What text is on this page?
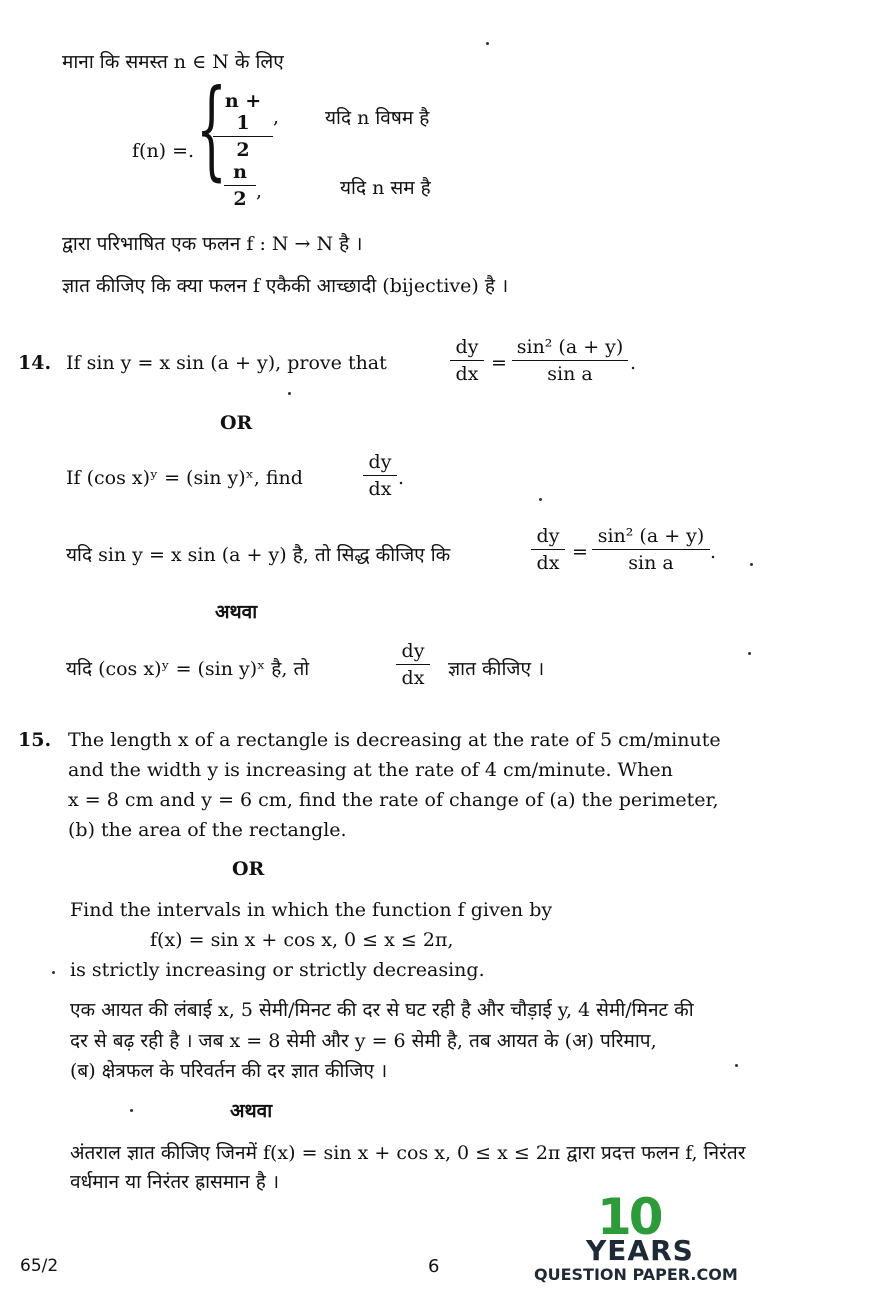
माना कि समस्त n ∈ N के लिए
f(n) =. {
$\frac{n + 1}{2}$ , यदि n विषम है
$\frac{n}{2}$ ,	यदि n सम है
द्वारा परिभाषित एक फलन f : N → N है ।
ज्ञात कीजिए कि क्या फलन f एकैकी आच्छादी (bijective) है ।
14. If sin y = x sin (a + y), prove that	$\frac{dy}{dx} = \frac{\text{sin² (a + y)}}{\text{sin a}}$ .
OR
If (cos x)ʸ = (sin y)ˣ, find	$\frac{dy}{dx}$ .
यदि sin y = x sin (a + y) है, तो सिद्ध कीजिए कि	$\frac{dy}{dx} = \frac{\text{sin² (a + y)}}{\text{sin a}}$ .
अथवा
यदि (cos x)ʸ = (sin y)ˣ है, तो	$\frac{dy}{dx}$ ज्ञात कीजिए ।
15. The length x of a rectangle is decreasing at the rate of 5 cm/minute
and the width y is increasing at the rate of 4 cm/minute. When
x = 8 cm and y = 6 cm, find the rate of change of (a) the perimeter,
(b) the area of the rectangle.
OR
Find the intervals in which the function f given by
f(x) = sin x + cos x, 0 ≤ x ≤ 2π,
is strictly increasing or strictly decreasing.
एक आयत की लंबाई x, 5 सेमी/मिनट की दर से घट रही है और चौड़ाई y, 4 सेमी/मिनट की
दर से बढ़ रही है । जब x = 8 सेमी और y = 6 सेमी है, तब आयत के (अ) परिमाप,
(ब) क्षेत्रफल के परिवर्तन की दर ज्ञात कीजिए ।
अथवा
अंतराल ज्ञात कीजिए जिनमें f(x) = sin x + cos x, 0 ≤ x ≤ 2π द्वारा प्रदत्त फलन f, निरंतर
वर्धमान या निरंतर ह्रासमान है ।
65/2	6
10
YEARS
QUESTION PAPER.COM
